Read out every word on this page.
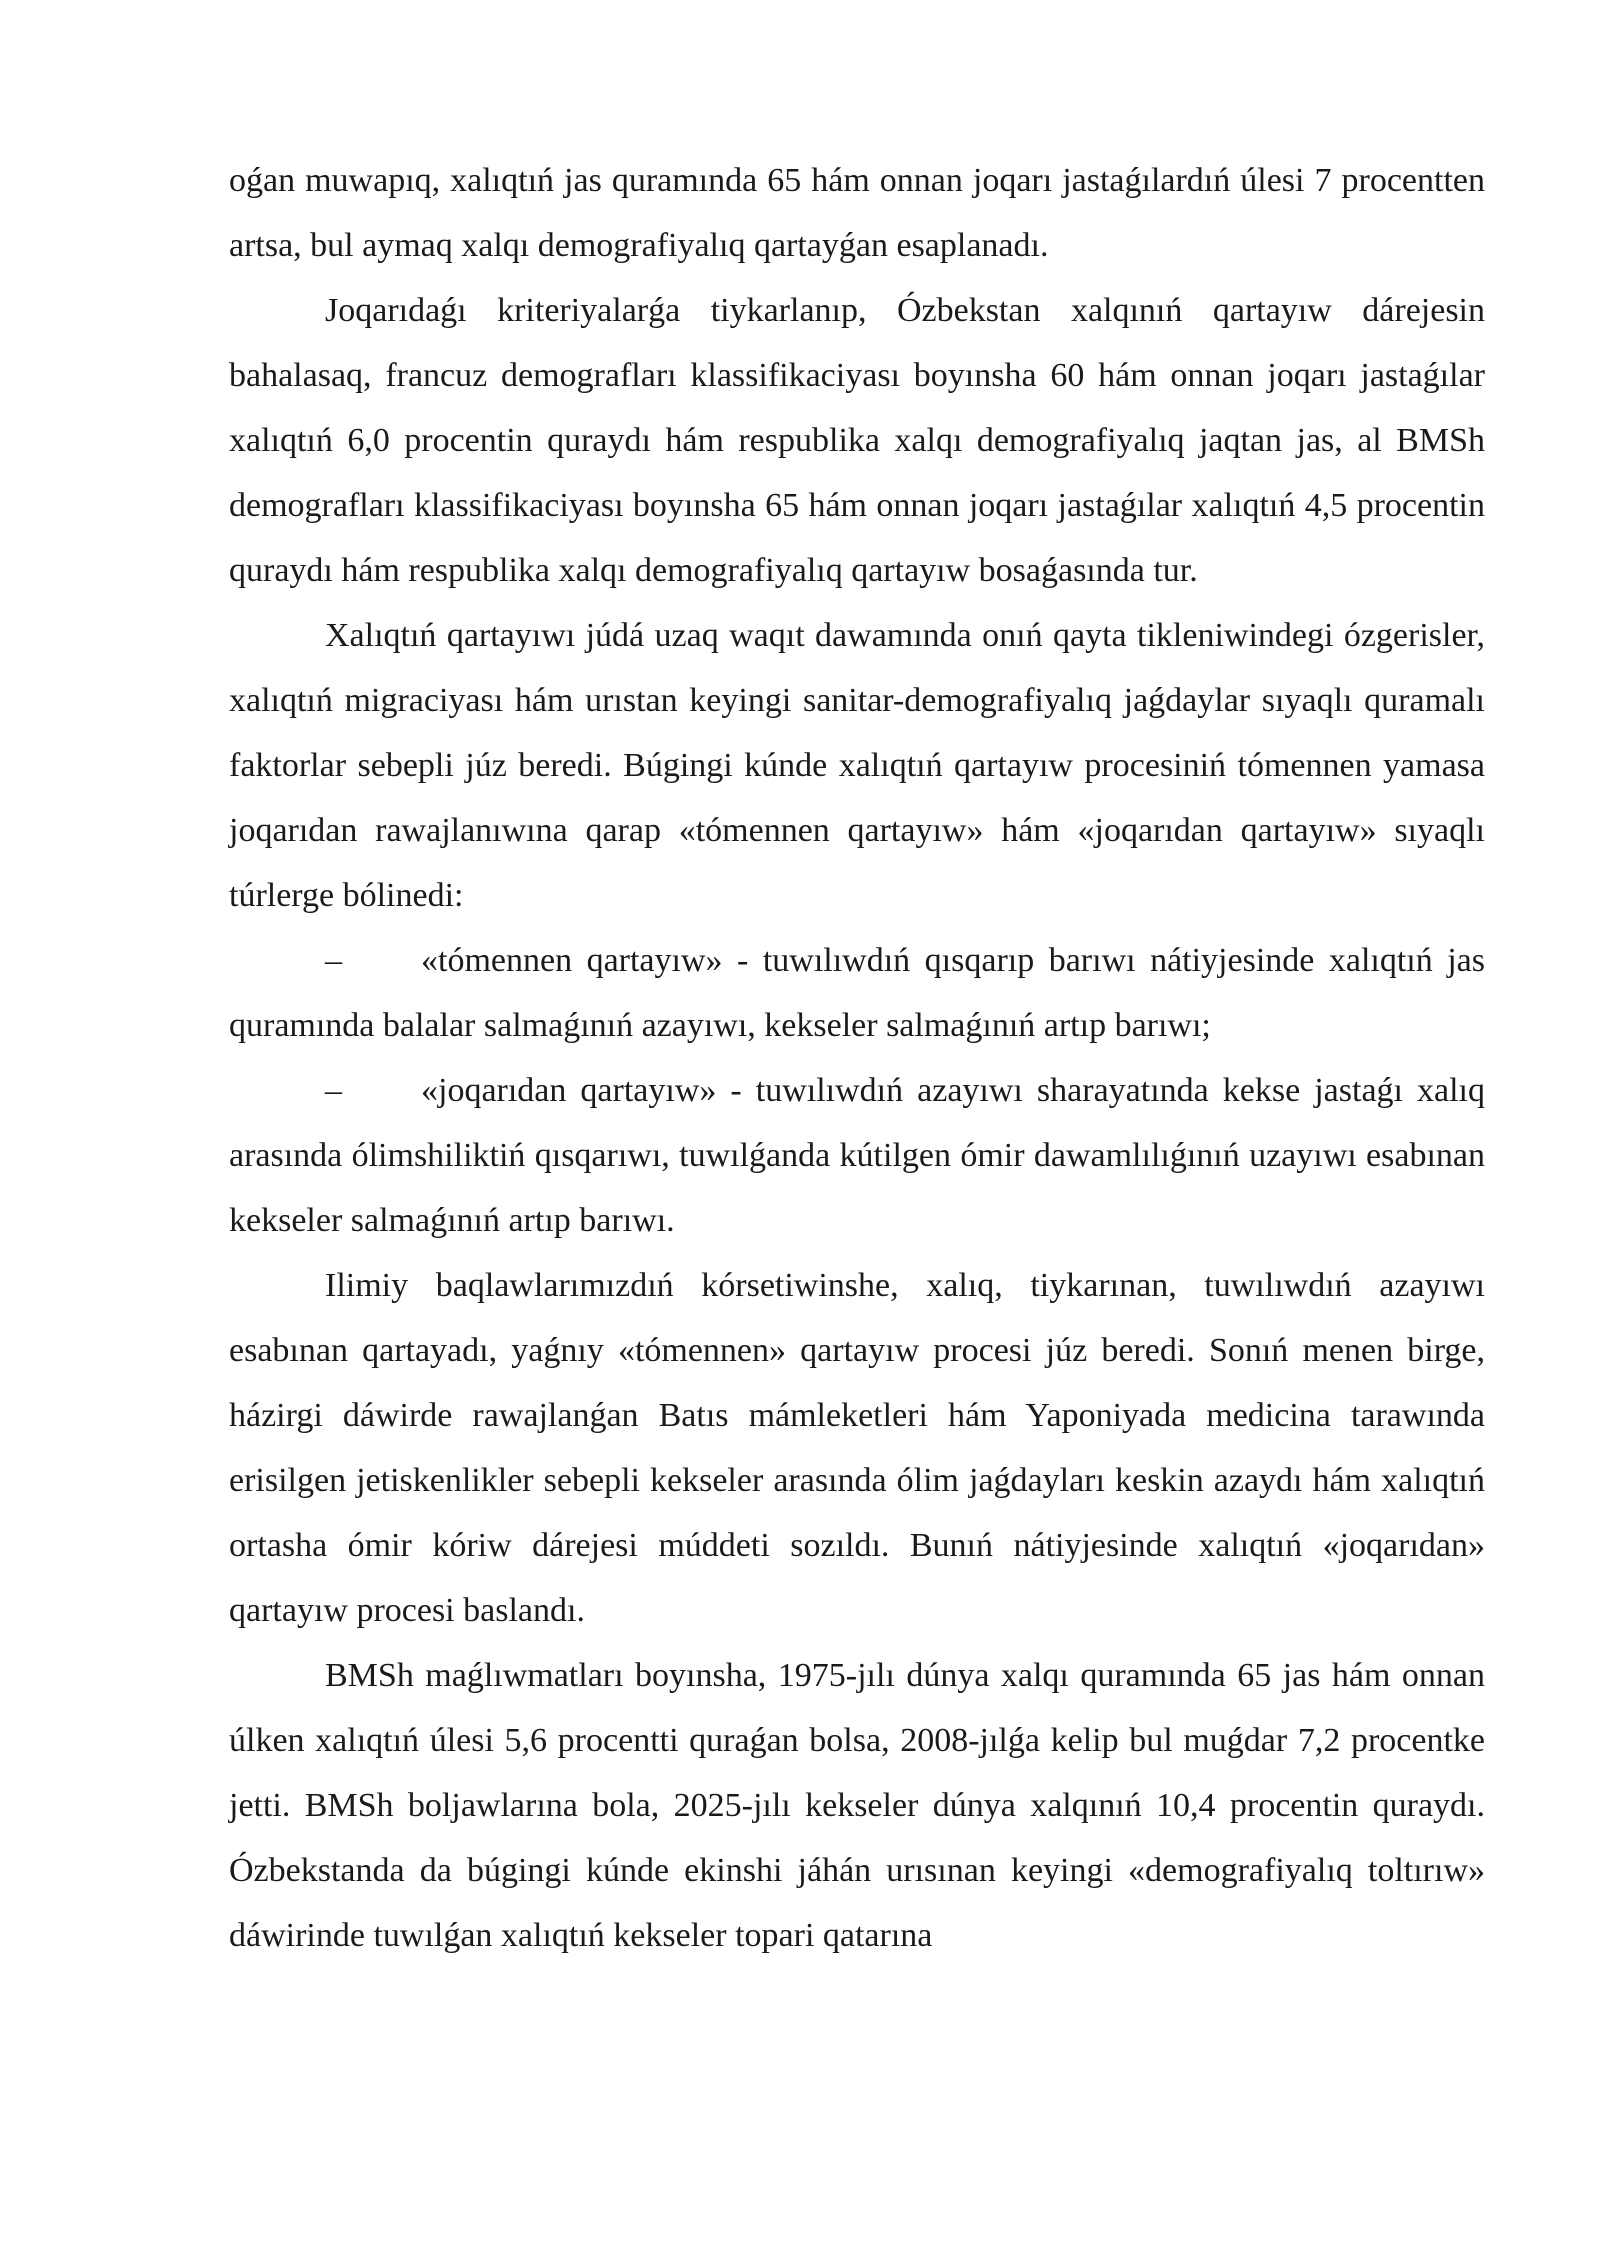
oǵan muwapıq, xalıqtıń jas quramında 65 hám onnan joqarı jastaǵılardıń úlesi 7 procentten artsa, bul aymaq xalqı demografiyalıq qartayǵan esaplanadı.

Joqarıdaǵı kriteriyalarǵa tiykarlanıp, Ózbekstan xalqınıń qartayıw dárejesin bahalasaq, francuz demografları klassifikaciyası boyınsha 60 hám onnan joqarı jastaǵılar xalıqtıń 6,0 procentin quraydı hám respublika xalqı demografiyalıq jaqtan jas, al BMSh demografları klassifikaciyası boyınsha 65 hám onnan joqarı jastaǵılar xalıqtıń 4,5 procentin quraydı hám respublika xalqı demografiyalıq qartayıw bosaǵasında tur.

Xalıqtıń qartayıwı júdá uzaq waqıt dawamında onıń qayta tikleniwindegi ózgerisler, xalıqtıń migraciyası hám urıstan keyingi sanitar-demografiyalıq jaǵdaylar sıyaqlı quramalı faktorlar sebepli júz beredi. Búgingi kúnde xalıqtıń qartayıw procesiniń tómennen yamasa joqarıdan rawajlanıwına qarap «tómennen qartayıw» hám «joqarıdan qartayıw» sıyaqlı túrlerge bólinedi:

– «tómennen qartayıw» - tuwılıwdıń qısqarıp barıwı nátiyjesinde xalıqtıń jas quramında balalar salmaǵınıń azayıwı, kekseler salmaǵınıń artıp barıwı;

– «joqarıdan qartayıw» - tuwılıwdıń azayıwı sharayatında kekse jastaǵı xalıq arasında ólimshiliktiń qısqarıwı, tuwılǵanda kútilgen ómir dawamlılıǵınıń uzayıwı esabınan kekseler salmaǵınıń artıp barıwı.

Ilimiy baqlawlarımızdıń kórsetiwinshe, xalıq, tiykarınan, tuwılıwdıń azayıwı esabınan qartayadı, yaǵnıy «tómennen» qartayıw procesi júz beredi. Sonıń menen birge, házirgi dáwirde rawajlanǵan Batıs mámleketleri hám Yaponiyada medicina tarawında erisilgen jetiskenlikler sebepli kekseler arasında ólim jaǵdayları keskin azaydı hám xalıqtıń ortasha ómir kóriw dárejesi múddeti sozıldı. Bunıń nátiyjesinde xalıqtıń «joqarıdan» qartayıw procesi baslandı.

BMSh maǵlıwmatları boyınsha, 1975-jılı dúnya xalqı quramında 65 jas hám onnan úlken xalıqtıń úlesi 5,6 procentti quraǵan bolsa, 2008-jılǵa kelip bul muǵdar 7,2 procentke jetti. BMSh boljawlarına bola, 2025-jılı kekseler dúnya xalqınıń 10,4 procentin quraydı. Ózbekstanda da búgingi kúnde ekinshi jáhán urısınan keyingi «demografiyalıq toltırıw» dáwirinde tuwılǵan xalıqtıń kekseler topari qatarına
